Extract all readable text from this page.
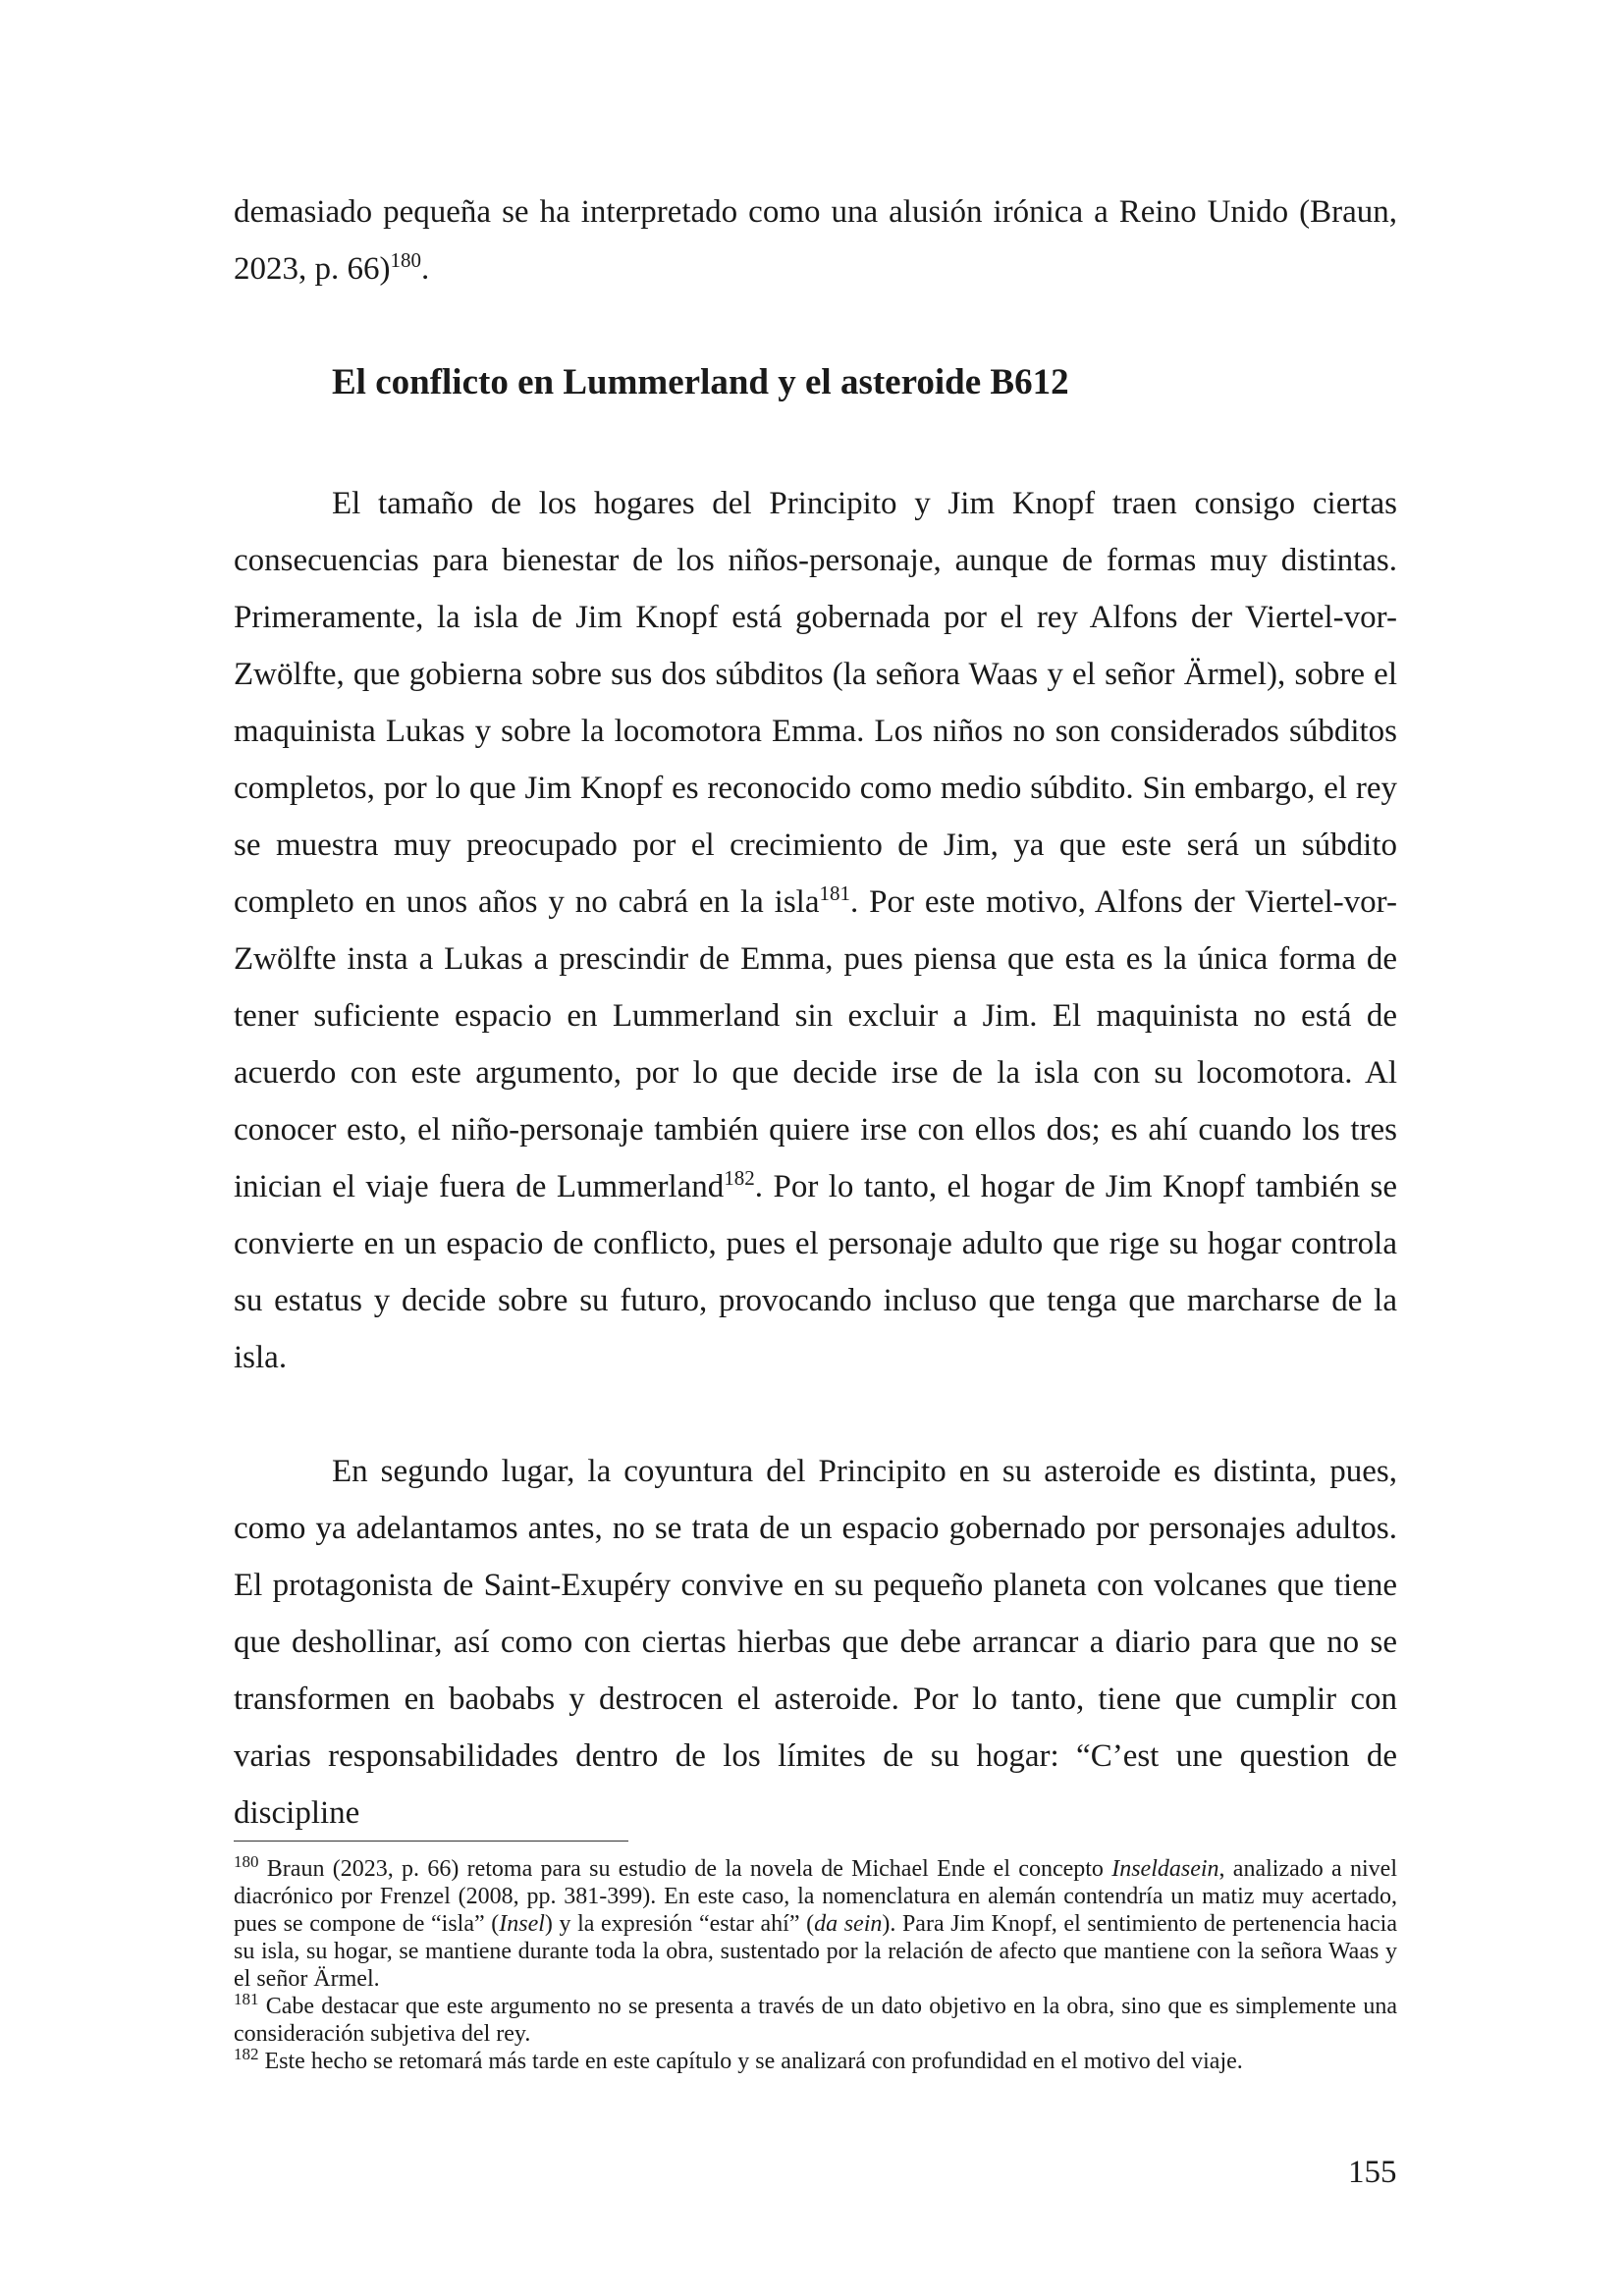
demasiado pequeña se ha interpretado como una alusión irónica a Reino Unido (Braun, 2023, p. 66)$^{180}$.

El conflicto en Lummerland y el asteroide B612

El tamaño de los hogares del Principito y Jim Knopf traen consigo ciertas consecuencias para bienestar de los niños-personaje, aunque de formas muy distintas. Primeramente, la isla de Jim Knopf está gobernada por el rey Alfons der Viertel-vor-Zwölfte, que gobierna sobre sus dos súbditos (la señora Waas y el señor Ärmel), sobre el maquinista Lukas y sobre la locomotora Emma. Los niños no son considerados súbditos completos, por lo que Jim Knopf es reconocido como medio súbdito. Sin embargo, el rey se muestra muy preocupado por el crecimiento de Jim, ya que este será un súbdito completo en unos años y no cabrá en la isla$^{181}$. Por este motivo, Alfons der Viertel-vor-Zwölfte insta a Lukas a prescindir de Emma, pues piensa que esta es la única forma de tener suficiente espacio en Lummerland sin excluir a Jim. El maquinista no está de acuerdo con este argumento, por lo que decide irse de la isla con su locomotora. Al conocer esto, el niño-personaje también quiere irse con ellos dos; es ahí cuando los tres inician el viaje fuera de Lummerland$^{182}$. Por lo tanto, el hogar de Jim Knopf también se convierte en un espacio de conflicto, pues el personaje adulto que rige su hogar controla su estatus y decide sobre su futuro, provocando incluso que tenga que marcharse de la isla.

En segundo lugar, la coyuntura del Principito en su asteroide es distinta, pues, como ya adelantamos antes, no se trata de un espacio gobernado por personajes adultos. El protagonista de Saint-Exupéry convive en su pequeño planeta con volcanes que tiene que deshollinar, así como con ciertas hierbas que debe arrancar a diario para que no se transformen en baobabs y destrocen el asteroide. Por lo tanto, tiene que cumplir con varias responsabilidades dentro de los límites de su hogar: “C’est une question de discipline

$^{180}$ Braun (2023, p. 66) retoma para su estudio de la novela de Michael Ende el concepto Inseldasein, analizado a nivel diacrónico por Frenzel (2008, pp. 381-399). En este caso, la nomenclatura en alemán contendría un matiz muy acertado, pues se compone de “isla” (Insel) y la expresión “estar ahí” (da sein). Para Jim Knopf, el sentimiento de pertenencia hacia su isla, su hogar, se mantiene durante toda la obra, sustentado por la relación de afecto que mantiene con la señora Waas y el señor Ärmel.

$^{181}$ Cabe destacar que este argumento no se presenta a través de un dato objetivo en la obra, sino que es simplemente una consideración subjetiva del rey.

$^{182}$ Este hecho se retomará más tarde en este capítulo y se analizará con profundidad en el motivo del viaje.

155
